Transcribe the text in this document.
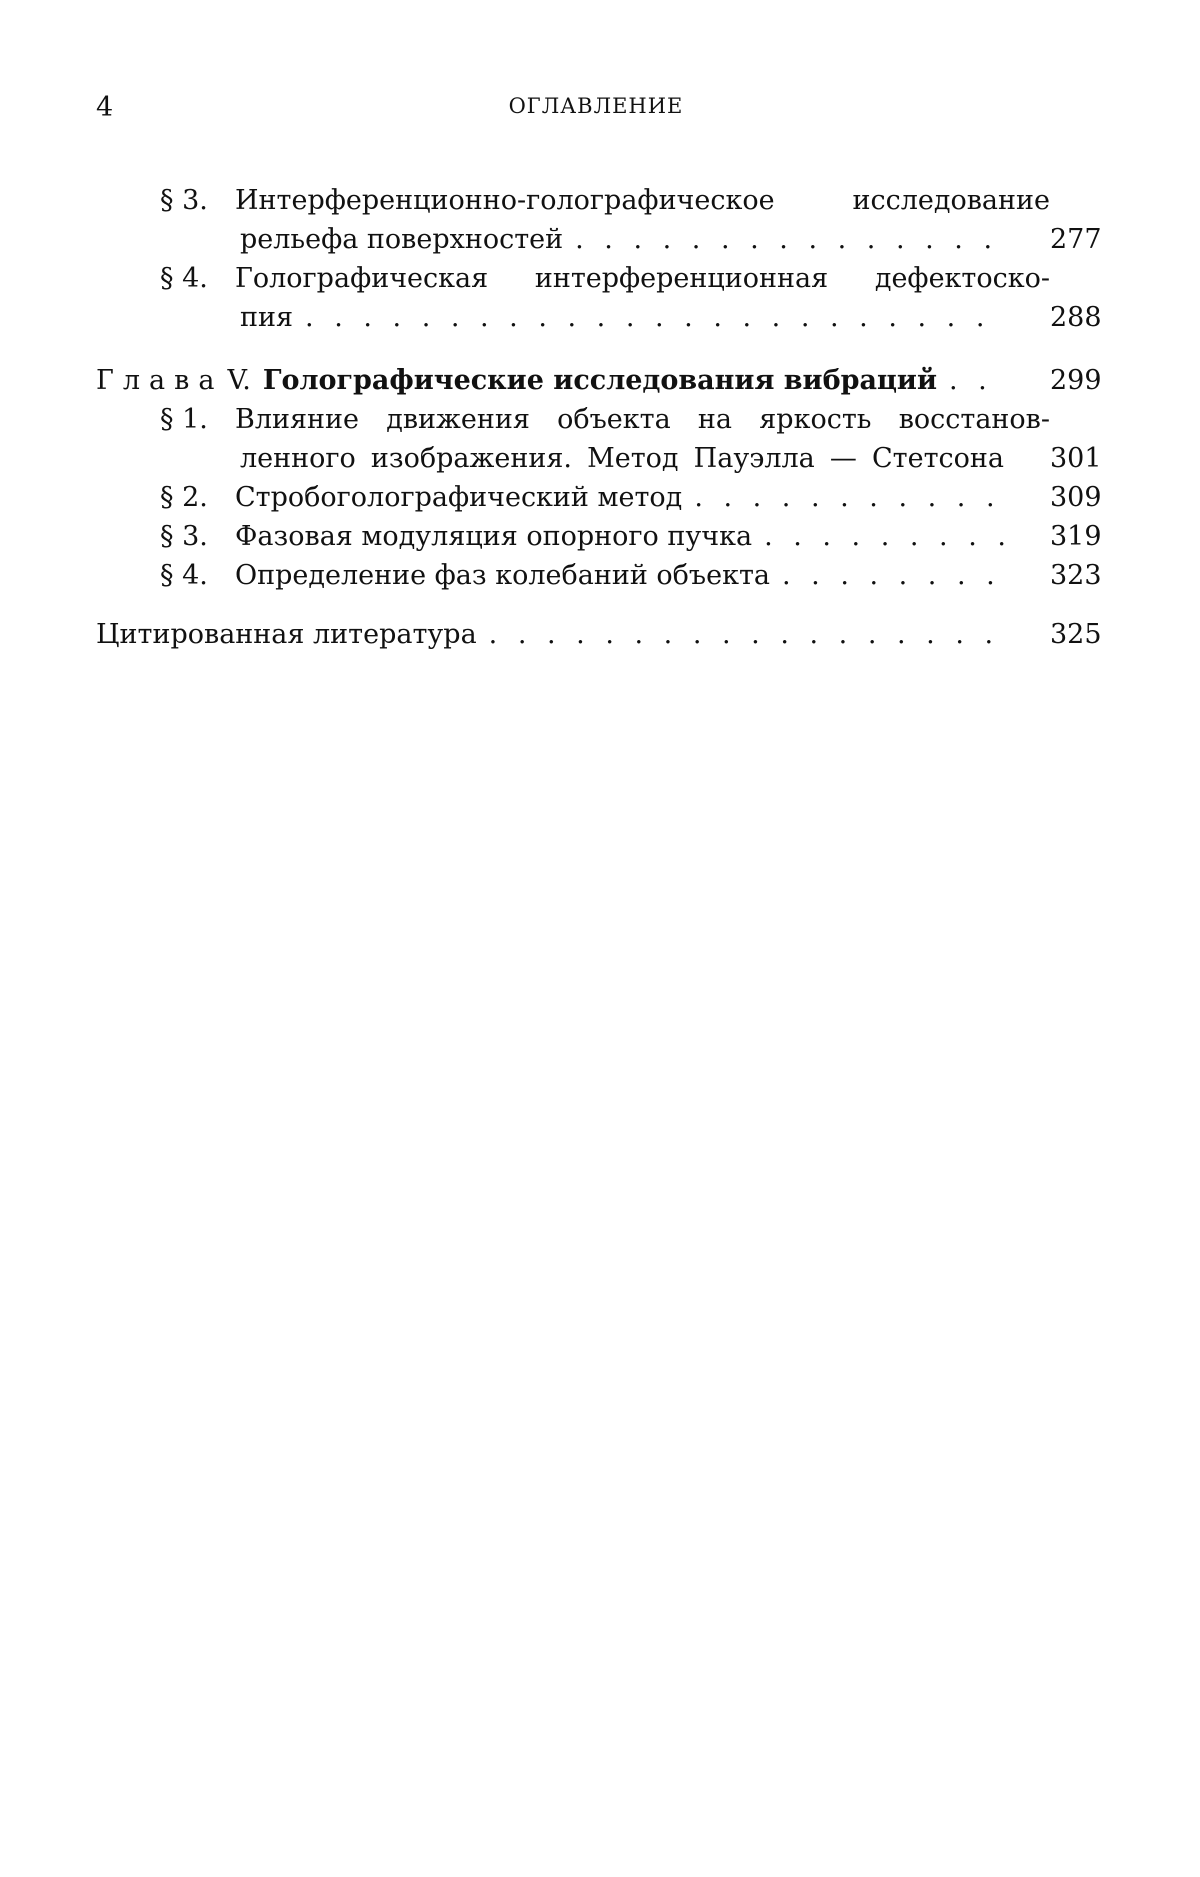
4	ОГЛАВЛЕНИЕ
§ 3.	Интерференционно-голографическое исследование
рельефа поверхностей . . .	277
§ 4.	Голографическая интерференционная дефектоско-
пия . . .	288
Глава V. Голографические исследования вибраций . . .	299
§ 1.	Влияние движения объекта на яркость восстанов-
ленного изображения. Метод Пауэлла — Стетсона	301
§ 2.	Стробоголографический метод . . .	309
§ 3.	Фазовая модуляция опорного пучка . . .	319
§ 4.	Определение фаз колебаний объекта . . .	323
Цитированная литература . . .	325
